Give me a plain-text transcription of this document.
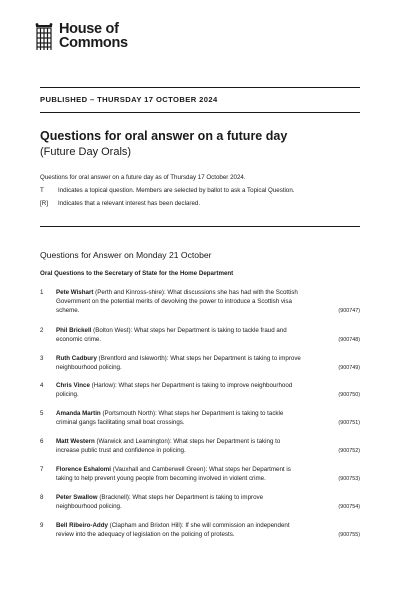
House of
Commons
PUBLISHED – THURSDAY 17 OCTOBER 2024
Questions for oral answer on a future day
(Future Day Orals)
Questions for oral answer on a future day as of Thursday 17 October 2024.
T	Indicates a topical question. Members are selected by ballot to ask a Topical Question.
[R]	Indicates that a relevant interest has been declared.
Questions for Answer on Monday 21 October
Oral Questions to the Secretary of State for the Home Department
1	Pete Wishart (Perth and Kinross-shire): What discussions she has had with the Scottish
Government on the potential merits of devolving the power to introduce a Scottish visa
scheme.	(900747)
2	Phil Brickell (Bolton West): What steps her Department is taking to tackle fraud and
economic crime.	(900748)
3	Ruth Cadbury (Brentford and Isleworth): What steps her Department is taking to improve
neighbourhood policing.	(900749)
4	Chris Vince (Harlow): What steps her Department is taking to improve neighbourhood
policing.	(900750)
5	Amanda Martin (Portsmouth North): What steps her Department is taking to tackle
criminal gangs facilitating small boat crossings.	(900751)
6	Matt Western (Warwick and Leamington): What steps her Department is taking to
increase public trust and confidence in policing.	(900752)
7	Florence Eshalomi (Vauxhall and Camberwell Green): What steps her Department is
taking to help prevent young people from becoming involved in violent crime.	(900753)
8	Peter Swallow (Bracknell): What steps her Department is taking to improve
neighbourhood policing.	(900754)
9	Bell Ribeiro-Addy (Clapham and Brixton Hill): If she will commission an independent
review into the adequacy of legislation on the policing of protests.	(900755)
